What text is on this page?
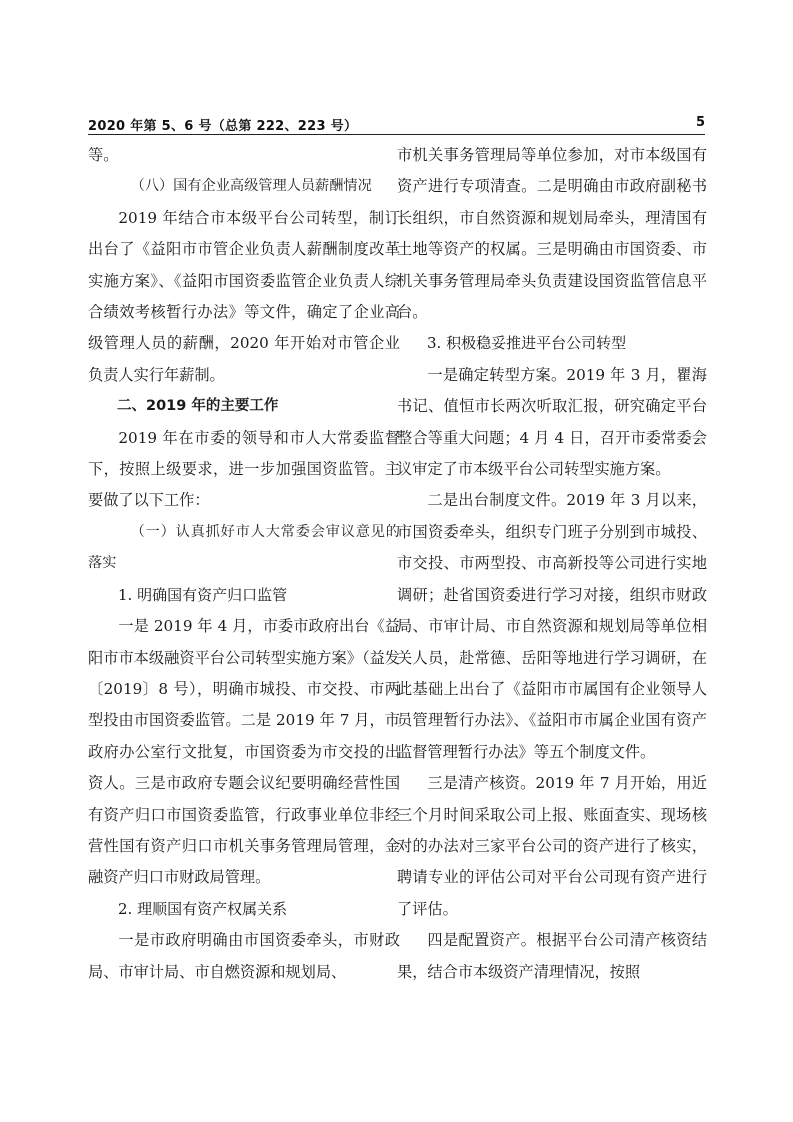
2020 年第 5、6 号（总第 222、223 号）	5

等。

（八）国有企业高级管理人员薪酬情况

2019 年结合市本级平台公司转型，制订出台了《益阳市市管企业负责人薪酬制度改革实施方案》、《益阳市国资委监管企业负责人综合绩效考核暂行办法》等文件，确定了企业高级管理人员的薪酬，2020 年开始对市管企业负责人实行年薪制。

二、2019 年的主要工作

2019 年在市委的领导和市人大常委监督下，按照上级要求，进一步加强国资监管。主要做了以下工作：

（一）认真抓好市人大常委会审议意见的落实

1. 明确国有资产归口监管

一是 2019 年 4 月，市委市政府出台《益阳市市本级融资平台公司转型实施方案》（益发〔2019〕8 号），明确市城投、市交投、市两型投由市国资委监管。二是 2019 年 7 月，市政府办公室行文批复，市国资委为市交投的出资人。三是市政府专题会议纪要明确经营性国有资产归口市国资委监管，行政事业单位非经营性国有资产归口市机关事务管理局管理，金融资产归口市财政局管理。

2. 理顺国有资产权属关系

一是市政府明确由市国资委牵头，市财政局、市审计局、市自燃资源和规划局、

市机关事务管理局等单位参加，对市本级国有资产进行专项清查。二是明确由市政府副秘书长组织，市自然资源和规划局牵头，理清国有土地等资产的权属。三是明确由市国资委、市机关事务管理局牵头负责建设国资监管信息平台。

3. 积极稳妥推进平台公司转型

一是确定转型方案。2019 年 3 月，瞿海书记、值恒市长两次听取汇报，研究确定平台整合等重大问题；4 月 4 日，召开市委常委会议审定了市本级平台公司转型实施方案。

二是出台制度文件。2019 年 3 月以来，市国资委牵头，组织专门班子分别到市城投、市交投、市两型投、市高新投等公司进行实地调研；赴省国资委进行学习对接，组织市财政局、市审计局、市自然资源和规划局等单位相关人员，赴常德、岳阳等地进行学习调研，在此基础上出台了《益阳市市属国有企业领导人员管理暂行办法》、《益阳市市属企业国有资产监督管理暂行办法》等五个制度文件。

三是清产核资。2019 年 7 月开始，用近三个月时间采取公司上报、账面查实、现场核对的办法对三家平台公司的资产进行了核实，聘请专业的评估公司对平台公司现有资产进行了评估。

四是配置资产。根据平台公司清产核资结果，结合市本级资产清理情况，按照
